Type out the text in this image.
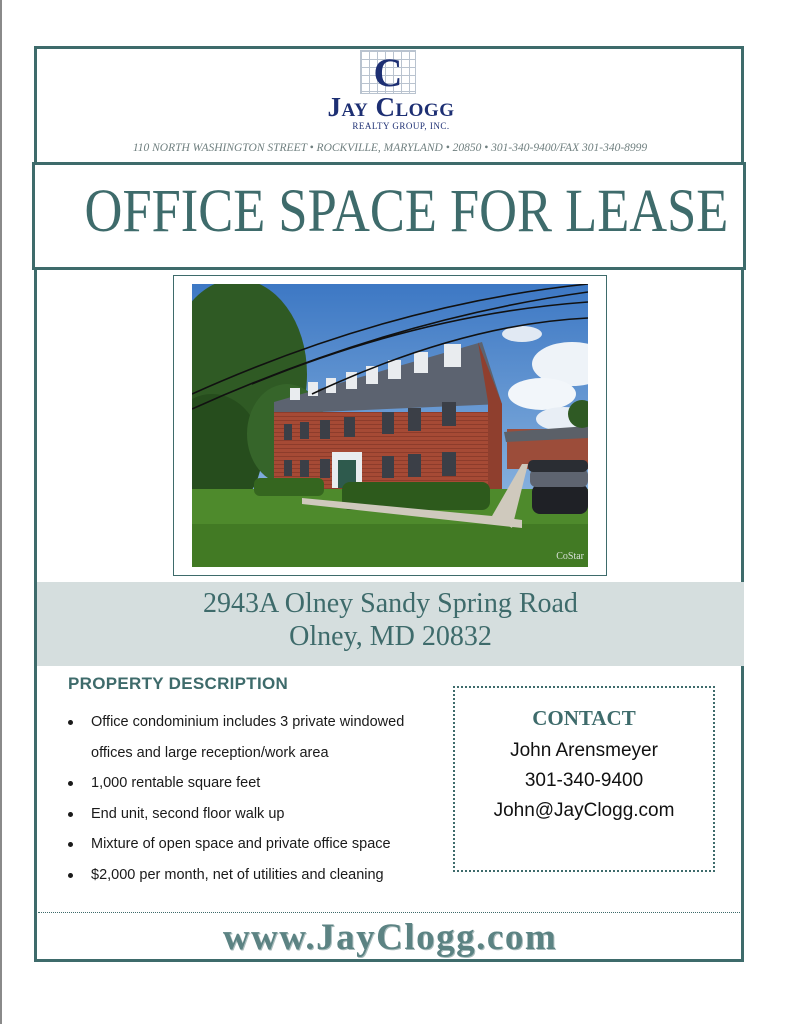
C
Jay Clogg
REALTY GROUP, INC.
110 NORTH WASHINGTON STREET • ROCKVILLE, MARYLAND • 20850 • 301-340-9400/FAX 301-340-8999
OFFICE SPACE FOR LEASE
CoStar
2943A Olney Sandy Spring Road
Olney, MD 20832
PROPERTY DESCRIPTION
Office condominium includes 3 private windowed
offices and large reception/work area
1,000 rentable square feet
End unit, second floor walk up
Mixture of open space and private office space
$2,000 per month, net of utilities and cleaning
CONTACT
John Arensmeyer
301-340-9400
John@JayClogg.com
www.JayClogg.com
